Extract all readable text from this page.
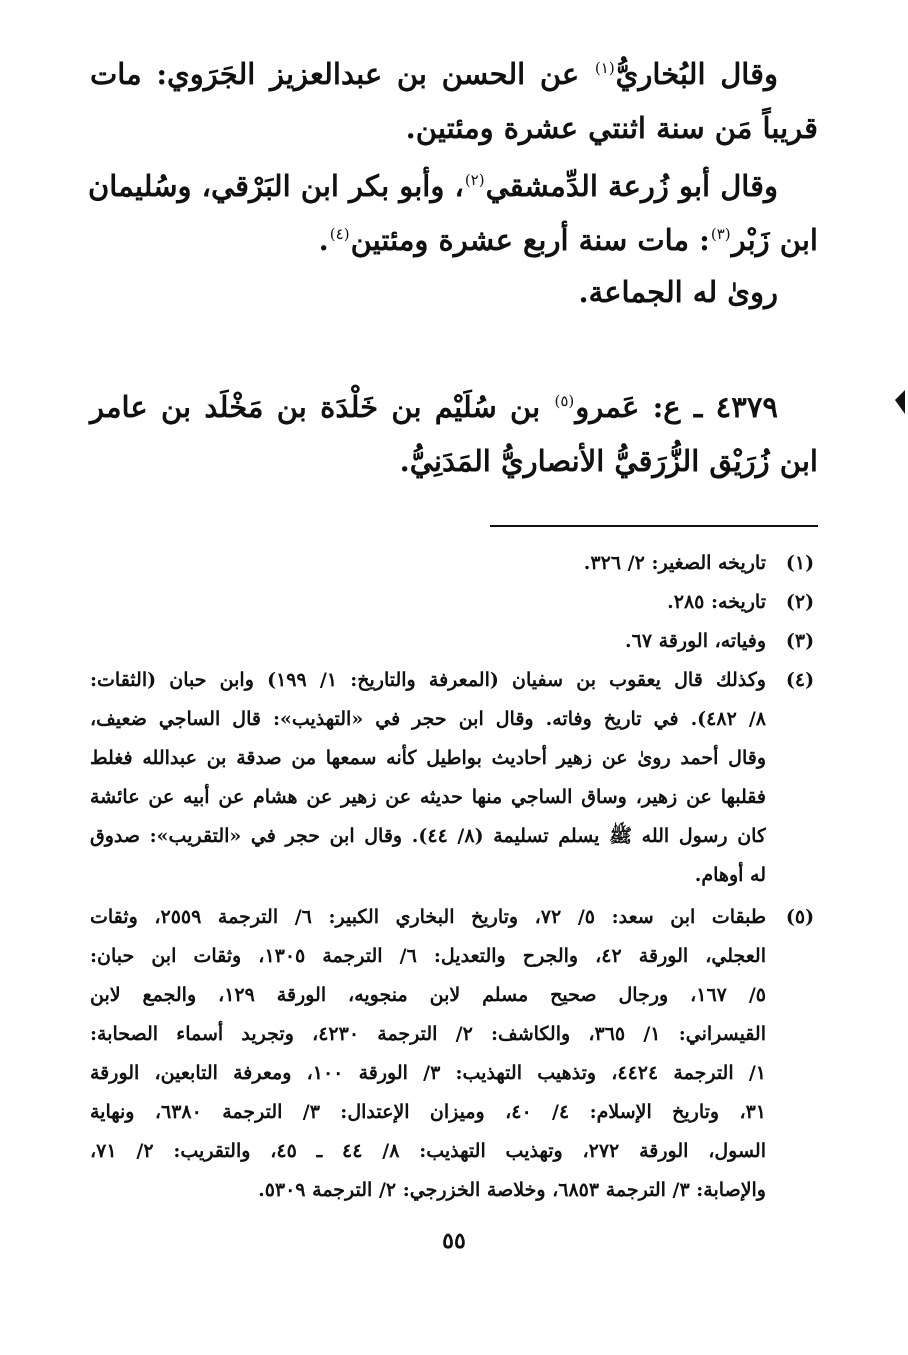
وقال البُخاريُّ$^{(١)}$ عن الحسن بن عبدالعزيز الجَرَوي: مات
قريباً مَن سنة اثنتي عشرة ومئتين.
وقال أبو زُرعة الدِّمشقي$^{(٢)}$، وأبو بكر ابن البَرْقي، وسُليمان
ابن زَبْر$^{(٣)}$: مات سنة أربع عشرة ومئتين$^{(٤)}$.
روىٰ له الجماعة.
٤٣٧٩ ـ ع: عَمرو$^{(٥)}$ بن سُلَيْم بن خَلْدَة بن مَخْلَد بن عامر
ابن زُرَيْق الزُّرَقيُّ الأنصاريُّ المَدَنِيُّ.
(١)
تاريخه الصغير: ٢/ ٣٢٦.
(٢)
تاريخه: ٢٨٥.
(٣)
وفياته، الورقة ٦٧.
(٤)
وكذلك قال يعقوب بن سفيان (المعرفة والتاريخ: ١/ ١٩٩) وابن حبان (الثقات:
٨/ ٤٨٢). في تاريخ وفاته. وقال ابن حجر في «التهذيب»: قال الساجي ضعيف،
وقال أحمد روىٰ عن زهير أحاديث بواطيل كأنه سمعها من صدقة بن عبدالله فغلط
فقلبها عن زهير، وساق الساجي منها حديثه عن زهير عن هشام عن أبيه عن عائشة
كان رسول الله ﷺ يسلم تسليمة (٨/ ٤٤). وقال ابن حجر في «التقريب»: صدوق
له أوهام.
(٥)
طبقات ابن سعد: ٥/ ٧٢، وتاريخ البخاري الكبير: ٦/ الترجمة ٢٥٥٩، وثقات
العجلي، الورقة ٤٢، والجرح والتعديل: ٦/ الترجمة ١٣٠٥، وثقات ابن حبان:
٥/ ١٦٧، ورجال صحيح مسلم لابن منجويه، الورقة ١٢٩، والجمع لابن
القيسراني: ١/ ٣٦٥، والكاشف: ٢/ الترجمة ٤٢٣٠، وتجريد أسماء الصحابة:
١/ الترجمة ٤٤٢٤، وتذهيب التهذيب: ٣/ الورقة ١٠٠، ومعرفة التابعين، الورقة
٣١، وتاريخ الإسلام: ٤/ ٤٠، وميزان الإعتدال: ٣/ الترجمة ٦٣٨٠، ونهاية
السول، الورقة ٢٧٢، وتهذيب التهذيب: ٨/ ٤٤ ـ ٤٥، والتقريب: ٢/ ٧١،
والإصابة: ٣/ الترجمة ٦٨٥٣، وخلاصة الخزرجي: ٢/ الترجمة ٥٣٠٩.
٥٥
